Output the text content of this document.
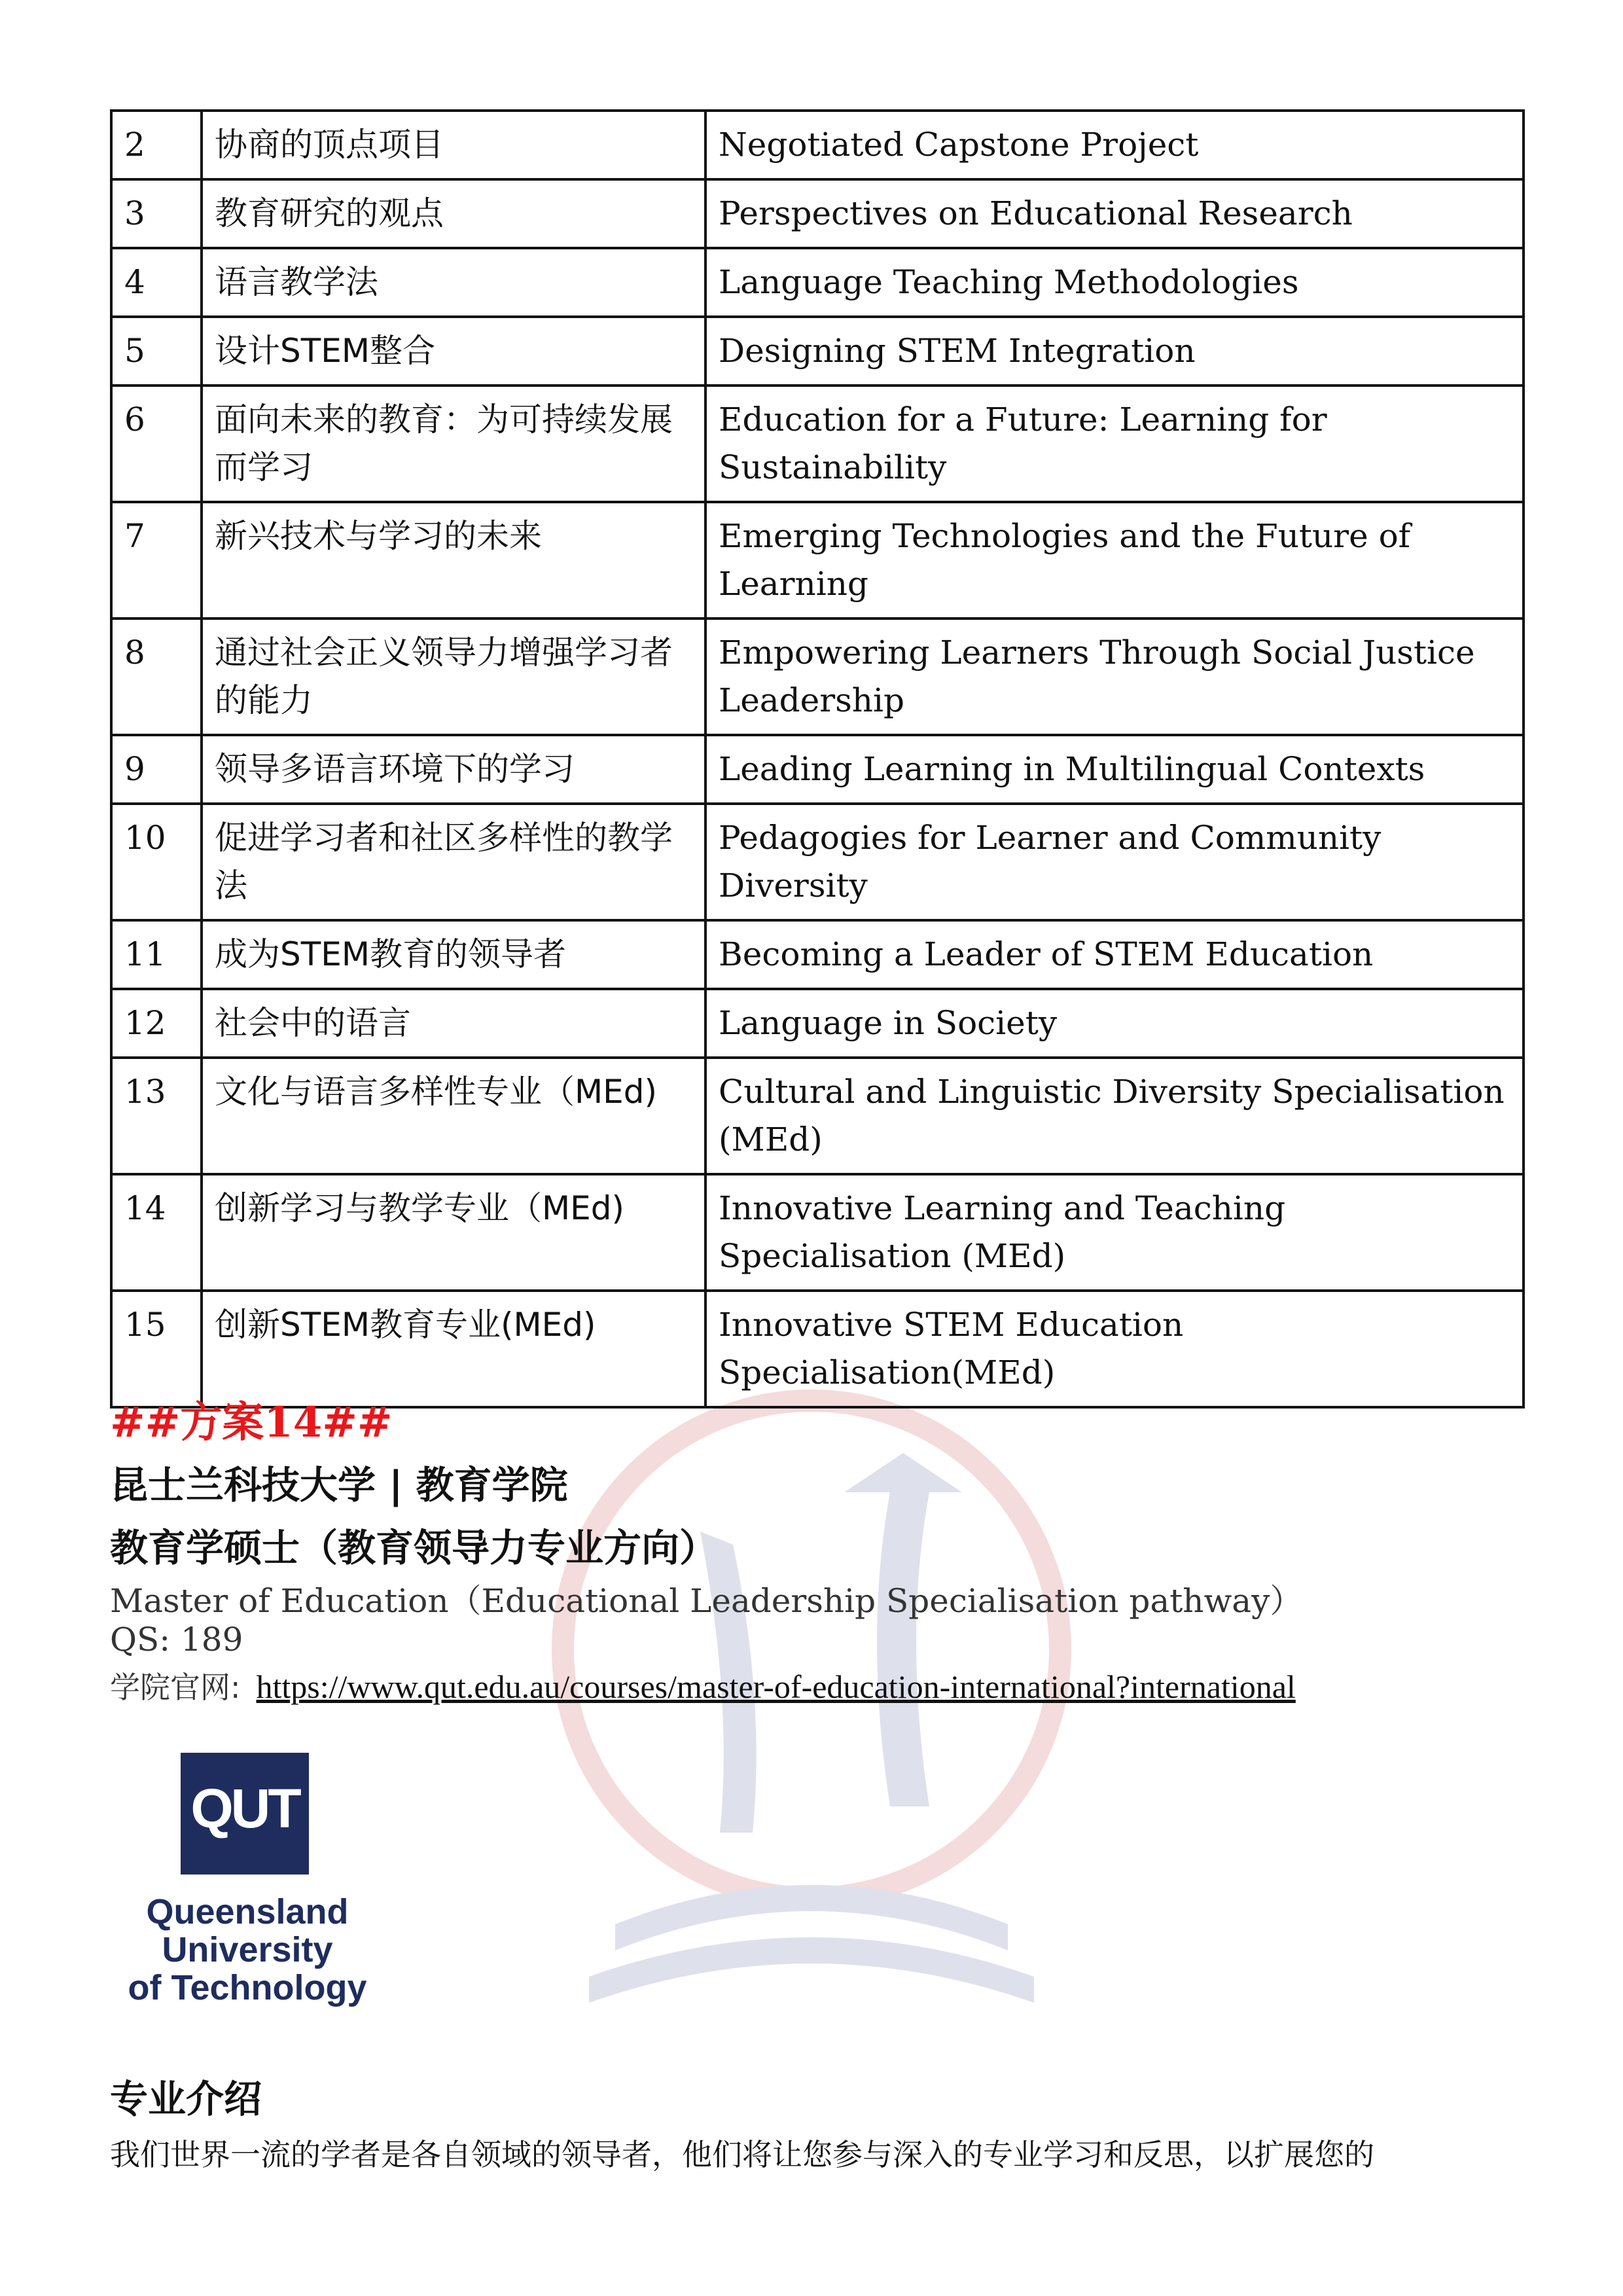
2	协商的顶点项目	Negotiated Capstone Project
3	教育研究的观点	Perspectives on Educational Research
4	语言教学法	Language Teaching Methodologies
5	设计STEM整合	Designing STEM Integration
6	面向未来的教育：为可持续发展而学习	Education for a Future: Learning for Sustainability
7	新兴技术与学习的未来	Emerging Technologies and the Future of Learning
8	通过社会正义领导力增强学习者的能力	Empowering Learners Through Social Justice Leadership
9	领导多语言环境下的学习	Leading Learning in Multilingual Contexts
10	促进学习者和社区多样性的教学法	Pedagogies for Learner and Community Diversity
11	成为STEM教育的领导者	Becoming a Leader of STEM Education
12	社会中的语言	Language in Society
13	文化与语言多样性专业（MEd)	Cultural and Linguistic Diversity Specialisation (MEd)
14	创新学习与教学专业（MEd)	Innovative Learning and Teaching Specialisation (MEd)
15	创新STEM教育专业(MEd)	Innovative STEM Education Specialisation(MEd)
##方案14##
昆士兰科技大学 | 教育学院
教育学硕士（教育领导力专业方向）
Master of Education（Educational Leadership Specialisation pathway）
QS: 189
学院官网: https://www.qut.edu.au/courses/master-of-education-international?international
QUT
Queensland
University
of Technology
专业介绍
我们世界一流的学者是各自领域的领导者，他们将让您参与深入的专业学习和反思，以扩展您的
